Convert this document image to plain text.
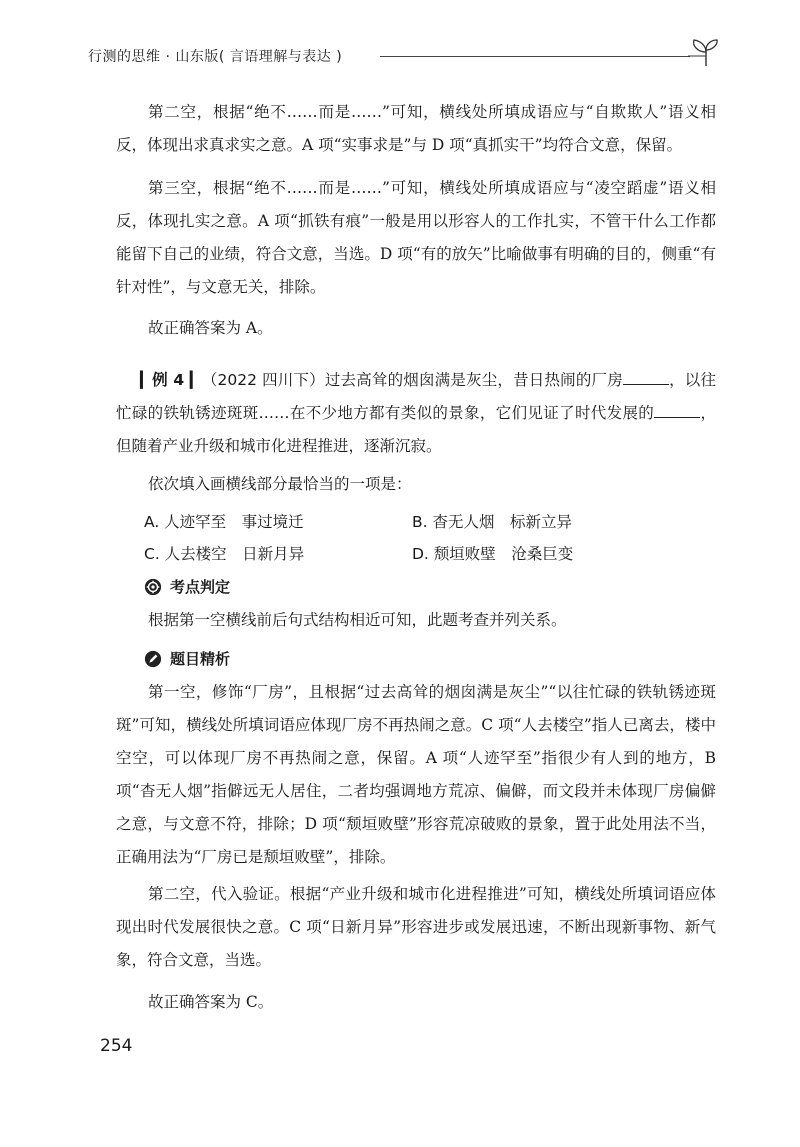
行测的思维 · 山东版( 言语理解与表达 )

第二空，根据“绝不……而是……”可知，横线处所填成语应与“自欺欺人”语义相反，体现出求真求实之意。A 项“实事求是”与 D 项“真抓实干”均符合文意，保留。

第三空，根据“绝不……而是……”可知，横线处所填成语应与“凌空蹈虚”语义相反，体现扎实之意。A 项“抓铁有痕”一般是用以形容人的工作扎实，不管干什么工作都能留下自己的业绩，符合文意，当选。D 项“有的放矢”比喻做事有明确的目的，侧重“有针对性”，与文意无关，排除。

故正确答案为 A。

▎例 4 ▎（2022 四川下）过去高耸的烟囱满是灰尘，昔日热闹的厂房	，以往忙碌的铁轨锈迹斑斑……在不少地方都有类似的景象，它们见证了时代发展的	，但随着产业升级和城市化进程推进，逐渐沉寂。

依次填入画横线部分最恰当的一项是：

A. 人迹罕至　事过境迁	B. 杳无人烟　标新立异
C. 人去楼空　日新月异	D. 颓垣败壁　沧桑巨变
考点判定

根据第一空横线前后句式结构相近可知，此题考查并列关系。

题目精析

第一空，修饰“厂房”，且根据“过去高耸的烟囱满是灰尘”“以往忙碌的铁轨锈迹斑斑”可知，横线处所填词语应体现厂房不再热闹之意。C 项“人去楼空”指人已离去，楼中空空，可以体现厂房不再热闹之意，保留。A 项“人迹罕至”指很少有人到的地方，B 项“杳无人烟”指僻远无人居住，二者均强调地方荒凉、偏僻，而文段并未体现厂房偏僻之意，与文意不符，排除；D 项“颓垣败壁”形容荒凉破败的景象，置于此处用法不当，正确用法为“厂房已是颓垣败壁”，排除。

第二空，代入验证。根据“产业升级和城市化进程推进”可知，横线处所填词语应体现出时代发展很快之意。C 项“日新月异”形容进步或发展迅速，不断出现新事物、新气象，符合文意，当选。

故正确答案为 C。

254
